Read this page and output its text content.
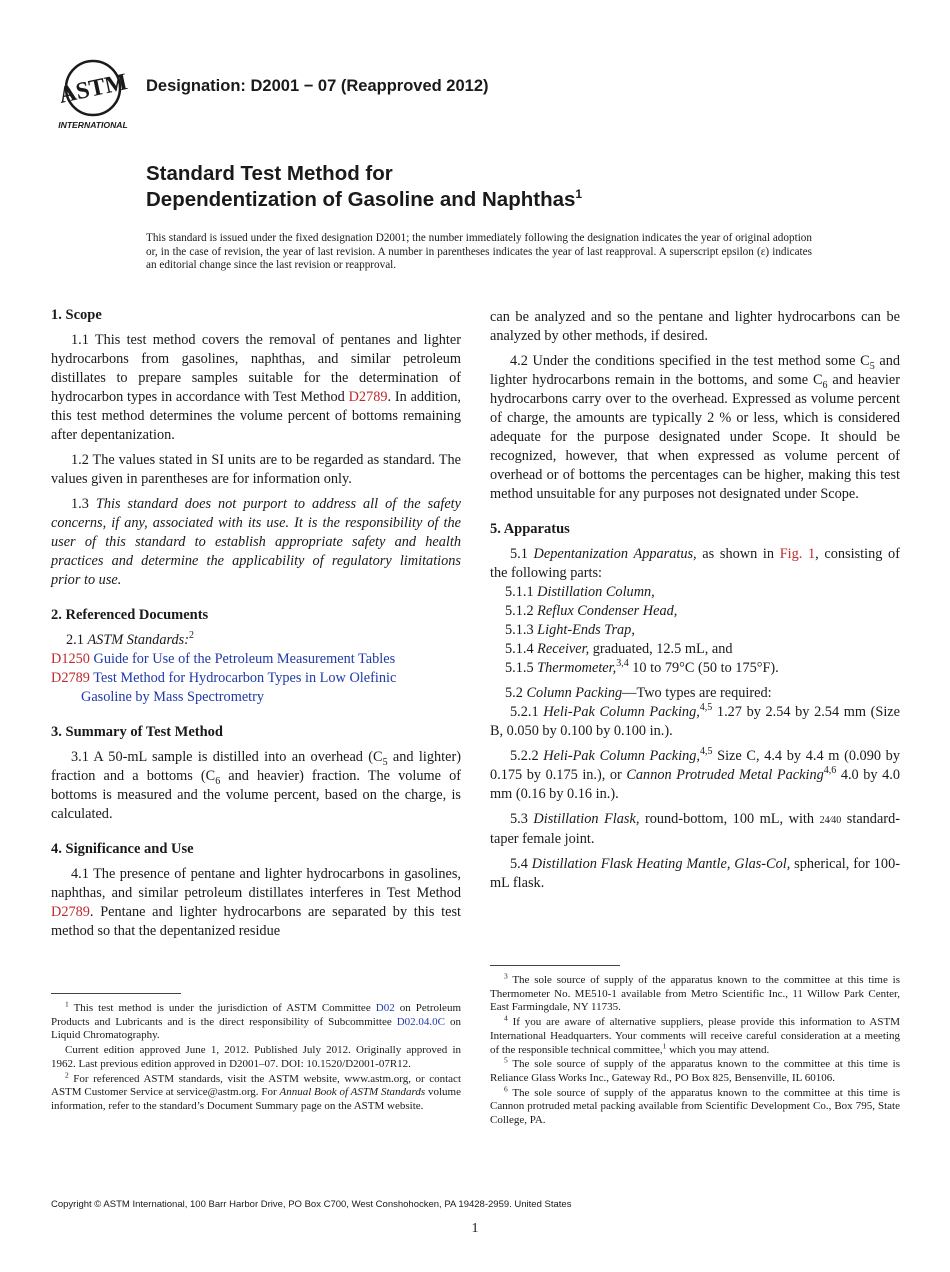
ASTM
INTERNATIONAL

Designation: D2001 − 07 (Reapproved 2012)

Standard Test Method for
Dependentization of Gasoline and Naphthas$^1$

This standard is issued under the fixed designation D2001; the number immediately following the designation indicates the year of original adoption or, in the case of revision, the year of last revision. A number in parentheses indicates the year of last reapproval. A superscript epsilon (ε) indicates an editorial change since the last revision or reapproval.

1. Scope

1.1 This test method covers the removal of pentanes and lighter hydrocarbons from gasolines, naphthas, and similar petroleum distillates to prepare samples suitable for the determination of hydrocarbon types in accordance with Test Method D2789. In addition, this test method determines the volume percent of bottoms remaining after depentanization.

1.2 The values stated in SI units are to be regarded as standard. The values given in parentheses are for information only.

1.3 This standard does not purport to address all of the safety concerns, if any, associated with its use. It is the responsibility of the user of this standard to establish appropriate safety and health practices and determine the applicability of regulatory limitations prior to use.

2. Referenced Documents

2.1 ASTM Standards:$^2$

D1250 Guide for Use of the Petroleum Measurement Tables

D2789 Test Method for Hydrocarbon Types in Low Olefinic
Gasoline by Mass Spectrometry

3. Summary of Test Method

3.1 A 50-mL sample is distilled into an overhead ($C_5$ and lighter) fraction and a bottoms ($C_6$ and heavier) fraction. The volume of bottoms is measured and the volume percent, based on the charge, is calculated.

4. Significance and Use

4.1 The presence of pentane and lighter hydrocarbons in gasolines, naphthas, and similar petroleum distillates interferes in Test Method D2789. Pentane and lighter hydrocarbons are separated by this test method so that the depentanized residue

can be analyzed and so the pentane and lighter hydrocarbons can be analyzed by other methods, if desired.

4.2 Under the conditions specified in the test method some $C_5$ and lighter hydrocarbons remain in the bottoms, and some $C_6$ and heavier hydrocarbons carry over to the overhead. Expressed as volume percent of charge, the amounts are typically 2 % or less, which is considered adequate for the purpose designated under Scope. It should be recognized, however, that when expressed as volume percent of overhead or of bottoms the percentages can be higher, making this test method unsuitable for any purposes not designated under Scope.

5. Apparatus

5.1 Depentanization Apparatus, as shown in Fig. 1, consisting of the following parts:

5.1.1 Distillation Column,

5.1.2 Reflux Condenser Head,

5.1.3 Light-Ends Trap,

5.1.4 Receiver, graduated, 12.5 mL, and

5.1.5 Thermometer,$^{3,4}$ 10 to 79°C (50 to 175°F).

5.2 Column Packing—Two types are required:

5.2.1 Heli-Pak Column Packing,$^{4,5}$ 1.27 by 2.54 by 2.54 mm (Size B, 0.050 by 0.100 by 0.100 in.).

5.2.2 Heli-Pak Column Packing,$^{4,5}$ Size C, 4.4 by 4.4 m (0.090 by 0.175 by 0.175 in.), or Cannon Protruded Metal Packing$^{4,6}$ 4.0 by 4.0 mm (0.16 by 0.16 in.).

5.3 Distillation Flask, round-bottom, 100 mL, with 24⁄40 standard-taper female joint.

5.4 Distillation Flask Heating Mantle, Glas-Col, spherical, for 100-mL flask.

$^1$ This test method is under the jurisdiction of ASTM Committee D02 on Petroleum Products and Lubricants and is the direct responsibility of Subcommittee D02.04.0C on Liquid Chromatography.

Current edition approved June 1, 2012. Published July 2012. Originally approved in 1962. Last previous edition approved in D2001–07. DOI: 10.1520/D2001-07R12.

$^2$ For referenced ASTM standards, visit the ASTM website, www.astm.org, or contact ASTM Customer Service at service@astm.org. For Annual Book of ASTM Standards volume information, refer to the standard’s Document Summary page on the ASTM website.

$^3$ The sole source of supply of the apparatus known to the committee at this time is Thermometer No. ME510-1 available from Metro Scientific Inc., 11 Willow Park Center, East Farmingdale, NY 11735.

$^4$ If you are aware of alternative suppliers, please provide this information to ASTM International Headquarters. Your comments will receive careful consideration at a meeting of the responsible technical committee,$^1$ which you may attend.

$^5$ The sole source of supply of the apparatus known to the committee at this time is Reliance Glass Works Inc., Gateway Rd., PO Box 825, Bensenville, IL 60106.

$^6$ The sole source of supply of the apparatus known to the committee at this time is Cannon protruded metal packing available from Scientific Development Co., Box 795, State College, PA.

Copyright © ASTM International, 100 Barr Harbor Drive, PO Box C700, West Conshohocken, PA 19428-2959. United States

1
